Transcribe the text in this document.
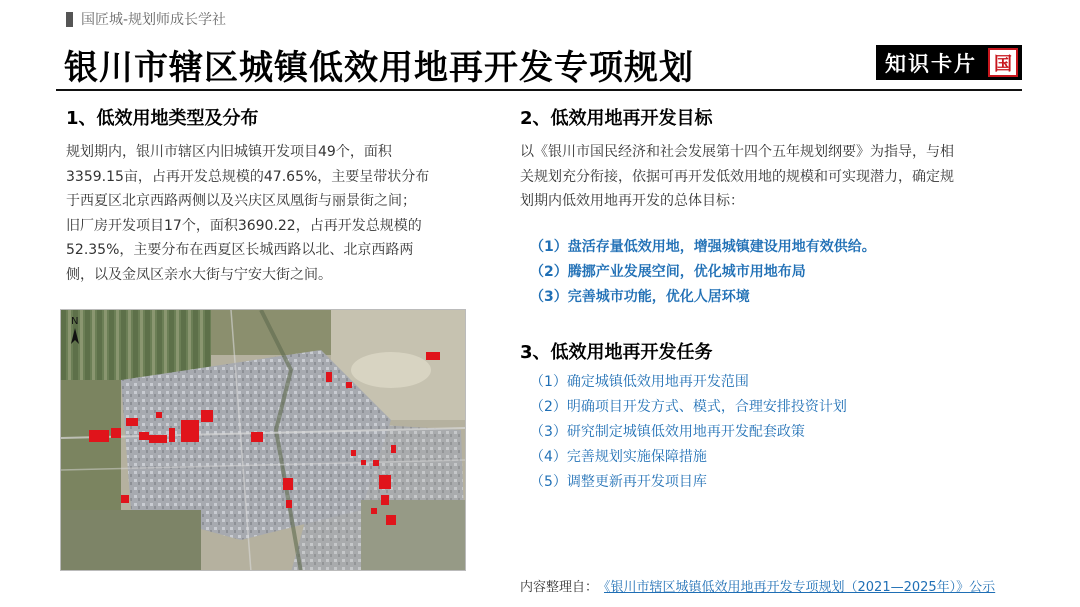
国匠城-规划师成长学社
银川市辖区城镇低效用地再开发专项规划	知识卡片 国
1、低效用地类型及分布
规划期内，银川市辖区内旧城镇开发项目49个，面积
3359.15亩，占再开发总规模的47.65%，主要呈带状分布
于西夏区北京西路两侧以及兴庆区凤凰街与丽景街之间；
旧厂房开发项目17个，面积3690.22，占再开发总规模的
52.35%，主要分布在西夏区长城西路以北、北京西路两
侧，以及金凤区亲水大街与宁安大街之间。
N
2、低效用地再开发目标
以《银川市国民经济和社会发展第十四个五年规划纲要》为指导，与相
关规划充分衔接，依据可再开发低效用地的规模和可实现潜力，确定规
划期内低效用地再开发的总体目标：
（1）盘活存量低效用地，增强城镇建设用地有效供给。
（2）腾挪产业发展空间，优化城市用地布局
（3）完善城市功能，优化人居环境
3、低效用地再开发任务
（1）确定城镇低效用地再开发范围
（2）明确项目开发方式、模式，合理安排投资计划
（3）研究制定城镇低效用地再开发配套政策
（4）完善规划实施保障措施
（5）调整更新再开发项目库
内容整理自： 《银川市辖区城镇低效用地再开发专项规划（2021—2025年）》公示
